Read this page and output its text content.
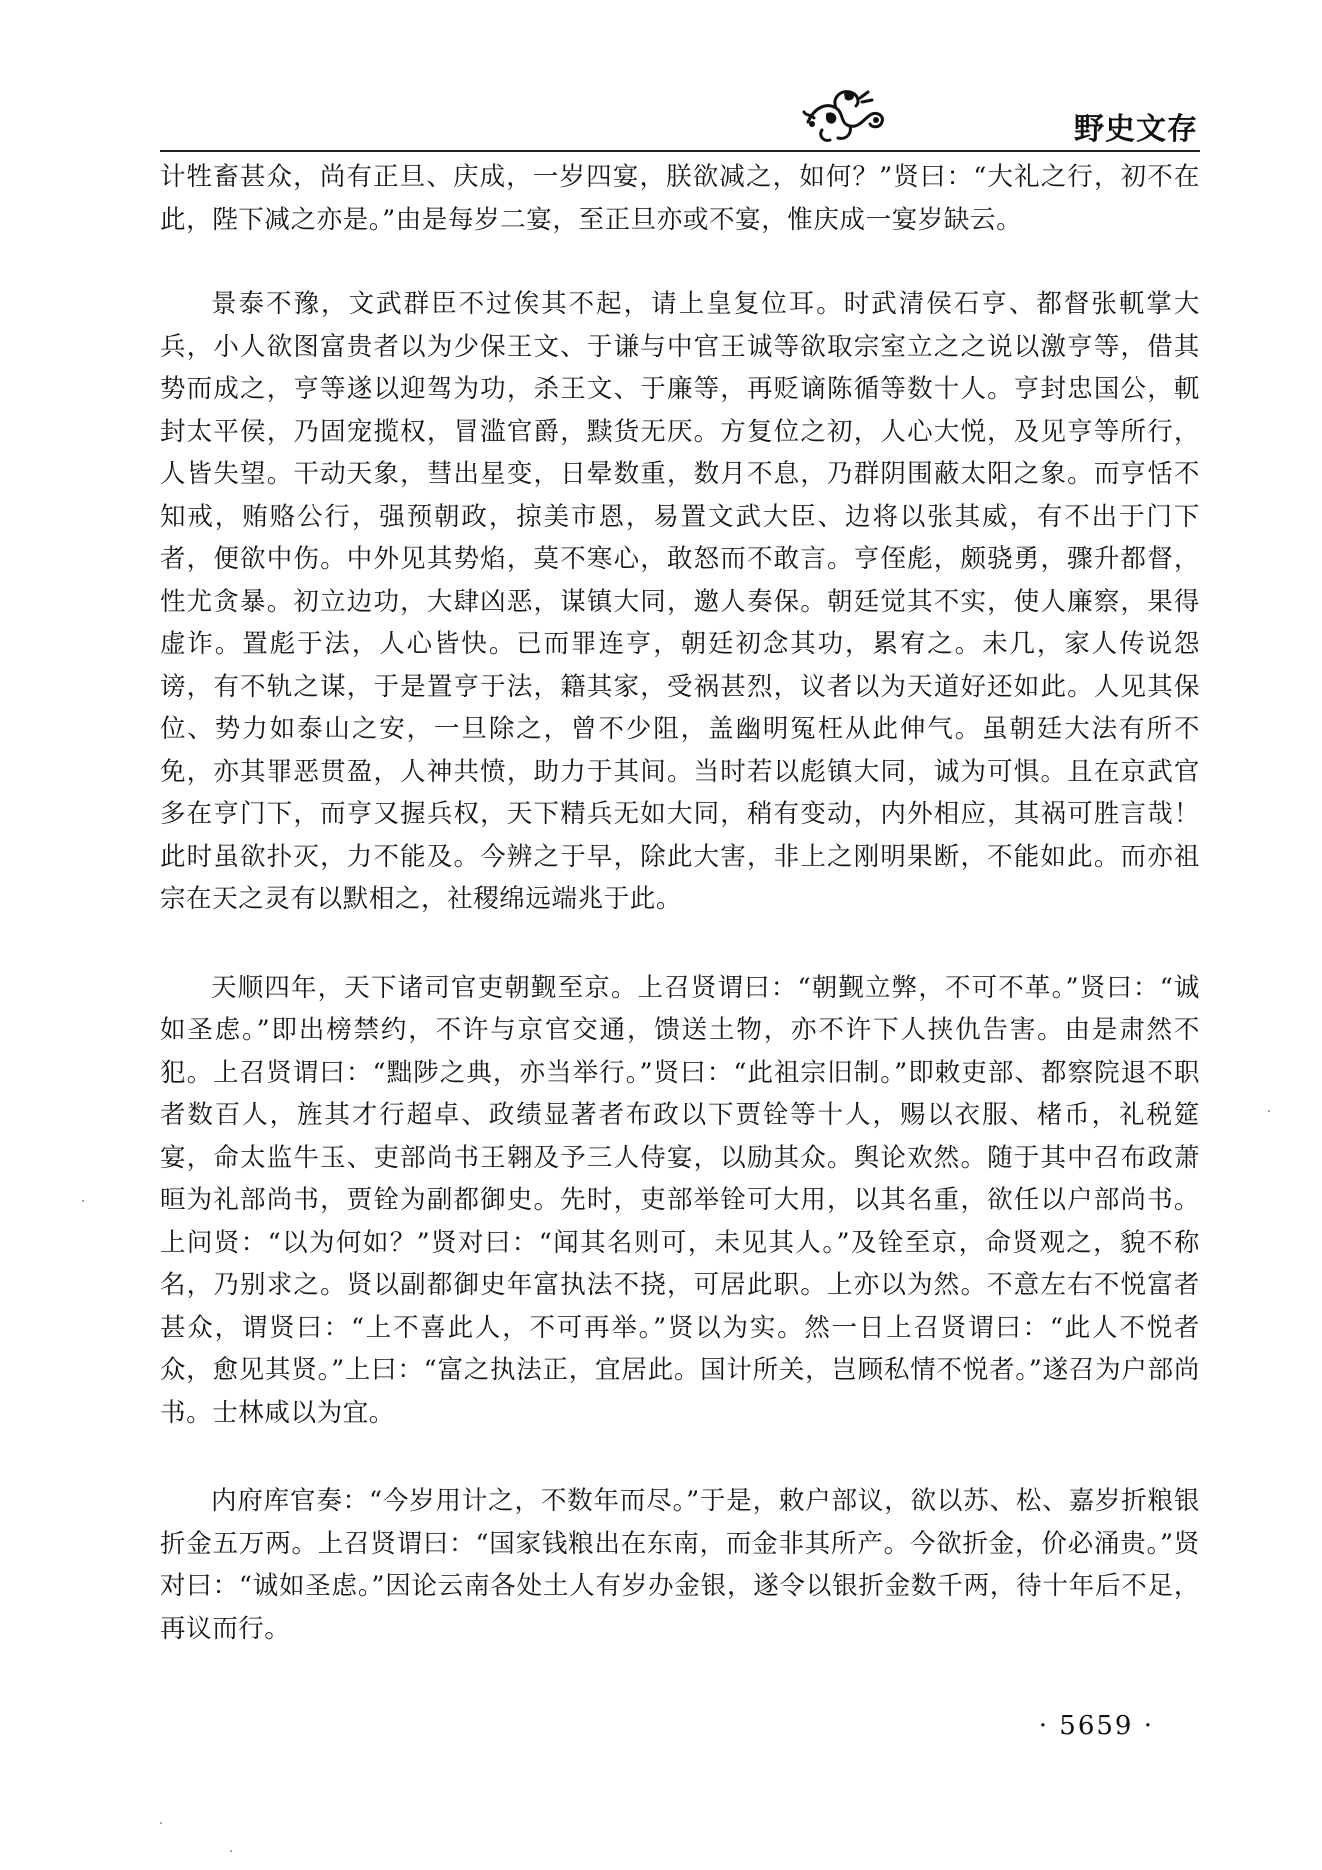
野史文存

计牲畜甚众，尚有正旦、庆成，一岁四宴，朕欲减之，如何？”贤曰：“大礼之行，初不在此，陛下减之亦是。”由是每岁二宴，至正旦亦或不宴，惟庆成一宴岁缺云。

景泰不豫，文武群臣不过俟其不起，请上皇复位耳。时武清侯石亨、都督张軏掌大兵，小人欲图富贵者以为少保王文、于谦与中官王诚等欲取宗室立之之说以激亨等，借其势而成之，亨等遂以迎驾为功，杀王文、于廉等，再贬谪陈循等数十人。亨封忠国公，軏封太平侯，乃固宠揽权，冒滥官爵，黩货无厌。方复位之初，人心大悦，及见亨等所行，人皆失望。干动天象，彗出星变，日晕数重，数月不息，乃群阴围蔽太阳之象。而亨恬不知戒，贿赂公行，强预朝政，掠美市恩，易置文武大臣、边将以张其威，有不出于门下者，便欲中伤。中外见其势焰，莫不寒心，敢怒而不敢言。亨侄彪，颇骁勇，骤升都督，性尤贪暴。初立边功，大肆凶恶，谋镇大同，邀人奏保。朝廷觉其不实，使人廉察，果得虚诈。置彪于法，人心皆快。已而罪连亨，朝廷初念其功，累宥之。未几，家人传说怨谤，有不轨之谋，于是置亨于法，籍其家，受祸甚烈，议者以为天道好还如此。人见其保位、势力如泰山之安，一旦除之，曾不少阻，盖幽明冤枉从此伸气。虽朝廷大法有所不免，亦其罪恶贯盈，人神共愤，助力于其间。当时若以彪镇大同，诚为可惧。且在京武官多在亨门下，而亨又握兵权，天下精兵无如大同，稍有变动，内外相应，其祸可胜言哉！此时虽欲扑灭，力不能及。今辨之于早，除此大害，非上之刚明果断，不能如此。而亦祖宗在天之灵有以默相之，社稷绵远端兆于此。

天顺四年，天下诸司官吏朝觐至京。上召贤谓曰：“朝觐立弊，不可不革。”贤曰：“诚如圣虑。”即出榜禁约，不许与京官交通，馈送土物，亦不许下人挟仇告害。由是肃然不犯。上召贤谓曰：“黜陟之典，亦当举行。”贤曰：“此祖宗旧制。”即敕吏部、都察院退不职者数百人，旌其才行超卓、政绩显著者布政以下贾铨等十人，赐以衣服、楮币，礼税筵宴，命太监牛玉、吏部尚书王翱及予三人侍宴，以励其众。舆论欢然。随于其中召布政萧晅为礼部尚书，贾铨为副都御史。先时，吏部举铨可大用，以其名重，欲任以户部尚书。上问贤：“以为何如？”贤对曰：“闻其名则可，未见其人。”及铨至京，命贤观之，貌不称名，乃别求之。贤以副都御史年富执法不挠，可居此职。上亦以为然。不意左右不悦富者甚众，谓贤曰：“上不喜此人，不可再举。”贤以为实。然一日上召贤谓曰：“此人不悦者众，愈见其贤。”上曰：“富之执法正，宜居此。国计所关，岂顾私情不悦者。”遂召为户部尚书。士林咸以为宜。

内府库官奏：“今岁用计之，不数年而尽。”于是，敕户部议，欲以苏、松、嘉岁折粮银折金五万两。上召贤谓曰：“国家钱粮出在东南，而金非其所产。今欲折金，价必涌贵。”贤对曰：“诚如圣虑。”因论云南各处土人有岁办金银，遂令以银折金数千两，待十年后不足，再议而行。

· 5659 ·
